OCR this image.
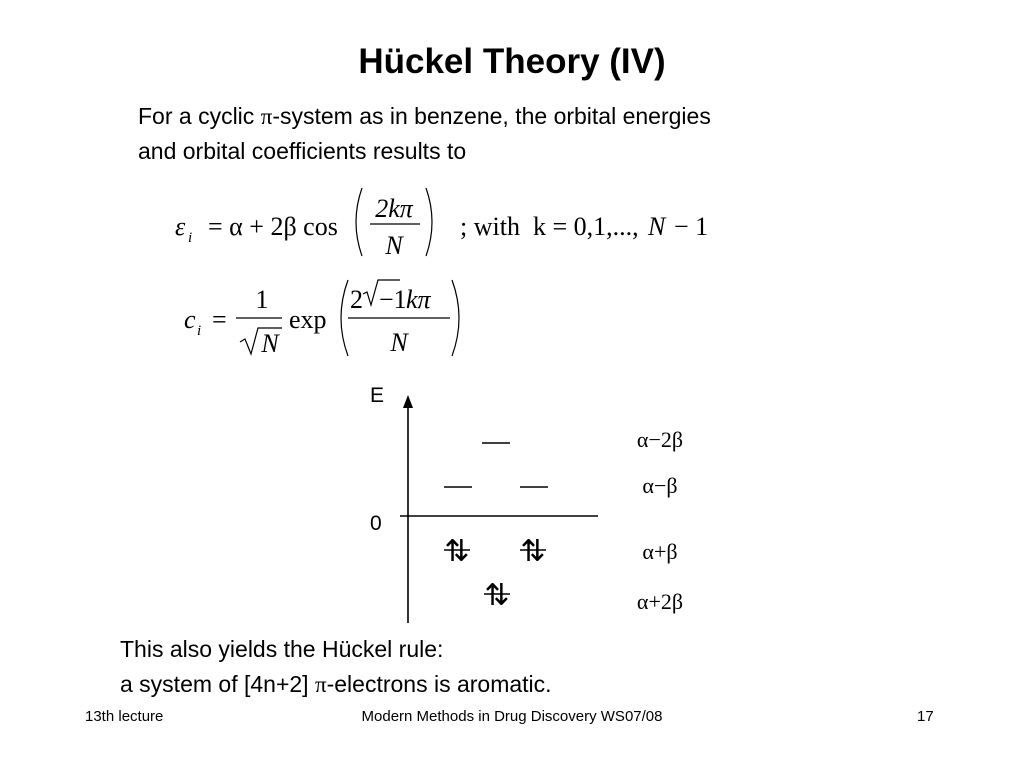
Hückel Theory (IV)
For a cyclic π-system as in benzene, the orbital energies
and orbital coefficients results to
ε i = α + 2β cos
2kπ
N
; with  k = 0,1,..., N − 1
c i =
1
N
exp
2 −1 kπ
N
E
0
⇅ ⇅
⇅
α−2β
α−β
α+β
α+2β
This also yields the Hückel rule:
a system of [4n+2] π-electrons is aromatic.
13th lecture	Modern Methods in Drug Discovery WS07/08	17
